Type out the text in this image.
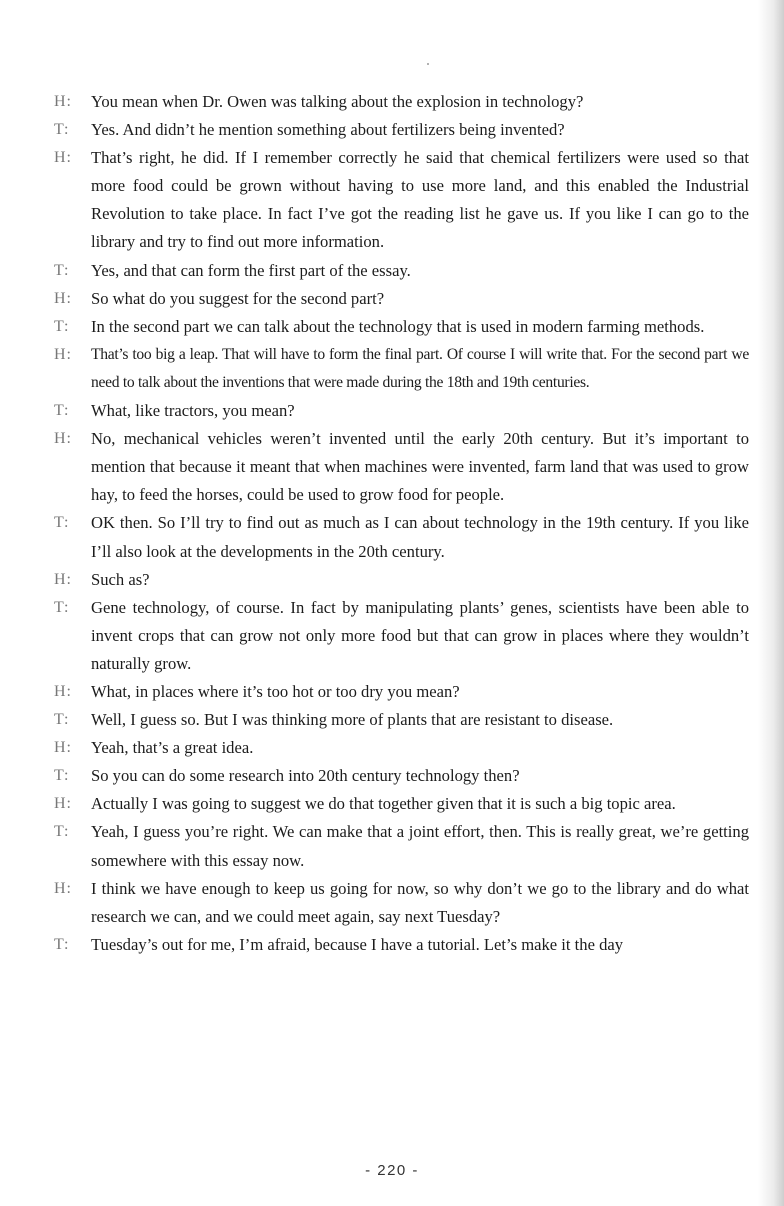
H: You mean when Dr. Owen was talking about the explosion in technology?

T: Yes. And didn’t he mention something about fertilizers being invented?

H: That’s right, he did. If I remember correctly he said that chemical fertilizers were used so that more food could be grown without having to use more land, and this enabled the Industrial Revolution to take place. In fact I’ve got the reading list he gave us. If you like I can go to the library and try to find out more information.

T: Yes, and that can form the first part of the essay.

H: So what do you suggest for the second part?

T: In the second part we can talk about the technology that is used in modern farming methods.

H: That’s too big a leap. That will have to form the final part. Of course I will write that. For the second part we need to talk about the inventions that were made during the 18th and 19th centuries.

T: What, like tractors, you mean?

H: No, mechanical vehicles weren’t invented until the early 20th century. But it’s important to mention that because it meant that when machines were invented, farm land that was used to grow hay, to feed the horses, could be used to grow food for people.

T: OK then. So I’ll try to find out as much as I can about technology in the 19th century. If you like I’ll also look at the developments in the 20th century.

H: Such as?

T: Gene technology, of course. In fact by manipulating plants’ genes, scientists have been able to invent crops that can grow not only more food but that can grow in places where they wouldn’t naturally grow.

H: What, in places where it’s too hot or too dry you mean?

T: Well, I guess so. But I was thinking more of plants that are resistant to disease.

H: Yeah, that’s a great idea.

T: So you can do some research into 20th century technology then?

H: Actually I was going to suggest we do that together given that it is such a big topic area.

T: Yeah, I guess you’re right. We can make that a joint effort, then. This is really great, we’re getting somewhere with this essay now.

H: I think we have enough to keep us going for now, so why don’t we go to the library and do what research we can, and we could meet again, say next Tuesday?

T: Tuesday’s out for me, I’m afraid, because I have a tutorial. Let’s make it the day

- 220 -
